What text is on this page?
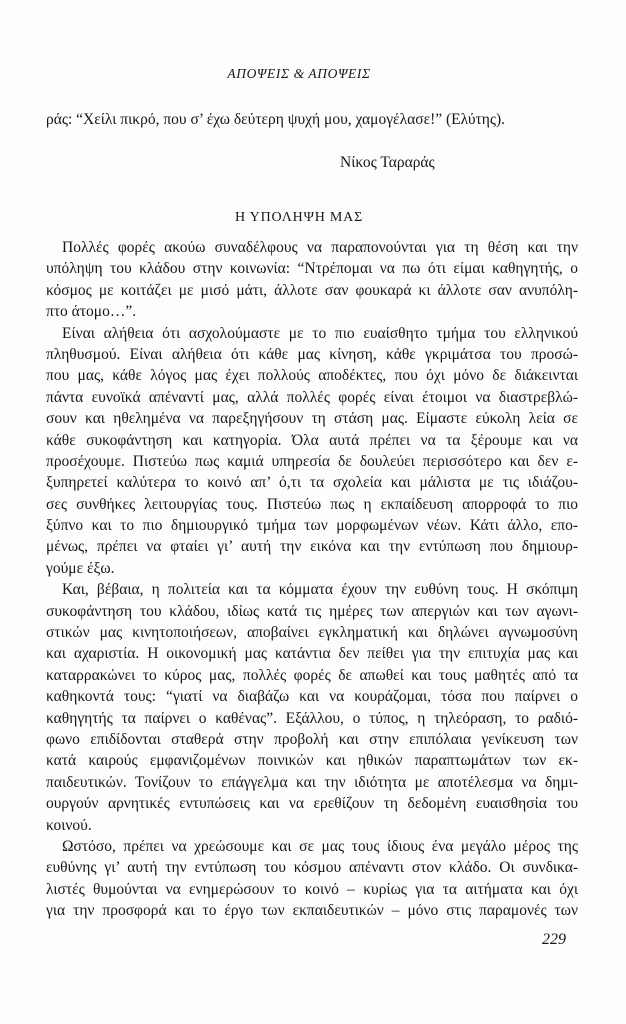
ΑΠΟΨΕΙΣ & ΑΠΟΨΕΙΣ
ράς: “Χείλι πικρό, που σ’ έχω δεύτερη ψυχή μου, χαμογέλασε!” (Ελύτης).
Νίκος Ταραράς
Η ΥΠΟΛΗΨΗ ΜΑΣ
Πολλές φορές ακούω συναδέλφους να παραπονούνται για τη θέση και την
υπόληψη του κλάδου στην κοινωνία: “Ντρέπομαι να πω ότι είμαι καθηγητής, ο
κόσμος με κοιτάζει με μισό μάτι, άλλοτε σαν φουκαρά κι άλλοτε σαν ανυπόλη-
πτο άτομο…”.
Είναι αλήθεια ότι ασχολούμαστε με το πιο ευαίσθητο τμήμα του ελληνικού
πληθυσμού. Είναι αλήθεια ότι κάθε μας κίνηση, κάθε γκριμάτσα του προσώ-
που μας, κάθε λόγος μας έχει πολλούς αποδέκτες, που όχι μόνο δε διάκεινται
πάντα ευνοϊκά απέναντί μας, αλλά πολλές φορές είναι έτοιμοι να διαστρεβλώ-
σουν και ηθελημένα να παρεξηγήσουν τη στάση μας. Είμαστε εύκολη λεία σε
κάθε συκοφάντηση και κατηγορία. Όλα αυτά πρέπει να τα ξέρουμε και να
προσέχουμε. Πιστεύω πως καμιά υπηρεσία δε δουλεύει περισσότερο και δεν ε-
ξυπηρετεί καλύτερα το κοινό απ’ ό,τι τα σχολεία και μάλιστα με τις ιδιάζου-
σες συνθήκες λειτουργίας τους. Πιστεύω πως η εκπαίδευση απορροφά το πιο
ξύπνο και το πιο δημιουργικό τμήμα των μορφωμένων νέων. Κάτι άλλο, επο-
μένως, πρέπει να φταίει γι’ αυτή την εικόνα και την εντύπωση που δημιουρ-
γούμε έξω.
Και, βέβαια, η πολιτεία και τα κόμματα έχουν την ευθύνη τους. Η σκόπιμη
συκοφάντηση του κλάδου, ιδίως κατά τις ημέρες των απεργιών και των αγωνι-
στικών μας κινητοποιήσεων, αποβαίνει εγκληματική και δηλώνει αγνωμοσύνη
και αχαριστία. Η οικονομική μας κατάντια δεν πείθει για την επιτυχία μας και
καταρρακώνει το κύρος μας, πολλές φορές δε απωθεί και τους μαθητές από τα
καθηκοντά τους: “γιατί να διαβάζω και να κουράζομαι, τόσα που παίρνει ο
καθηγητής τα παίρνει ο καθένας”. Εξάλλου, ο τύπος, η τηλεόραση, το ραδιό-
φωνο επιδίδονται σταθερά στην προβολή και στην επιπόλαια γενίκευση των
κατά καιρούς εμφανιζομένων ποινικών και ηθικών παραπτωμάτων των εκ-
παιδευτικών. Τονίζουν το επάγγελμα και την ιδιότητα με αποτέλεσμα να δημι-
ουργούν αρνητικές εντυπώσεις και να ερεθίζουν τη δεδομένη ευαισθησία του
κοινού.
Ωστόσο, πρέπει να χρεώσουμε και σε μας τους ίδιους ένα μεγάλο μέρος της
ευθύνης γι’ αυτή την εντύπωση του κόσμου απέναντι στον κλάδο. Οι συνδικα-
λιστές θυμούνται να ενημερώσουν το κοινό – κυρίως για τα αιτήματα και όχι
για την προσφορά και το έργο των εκπαιδευτικών – μόνο στις παραμονές των
229
